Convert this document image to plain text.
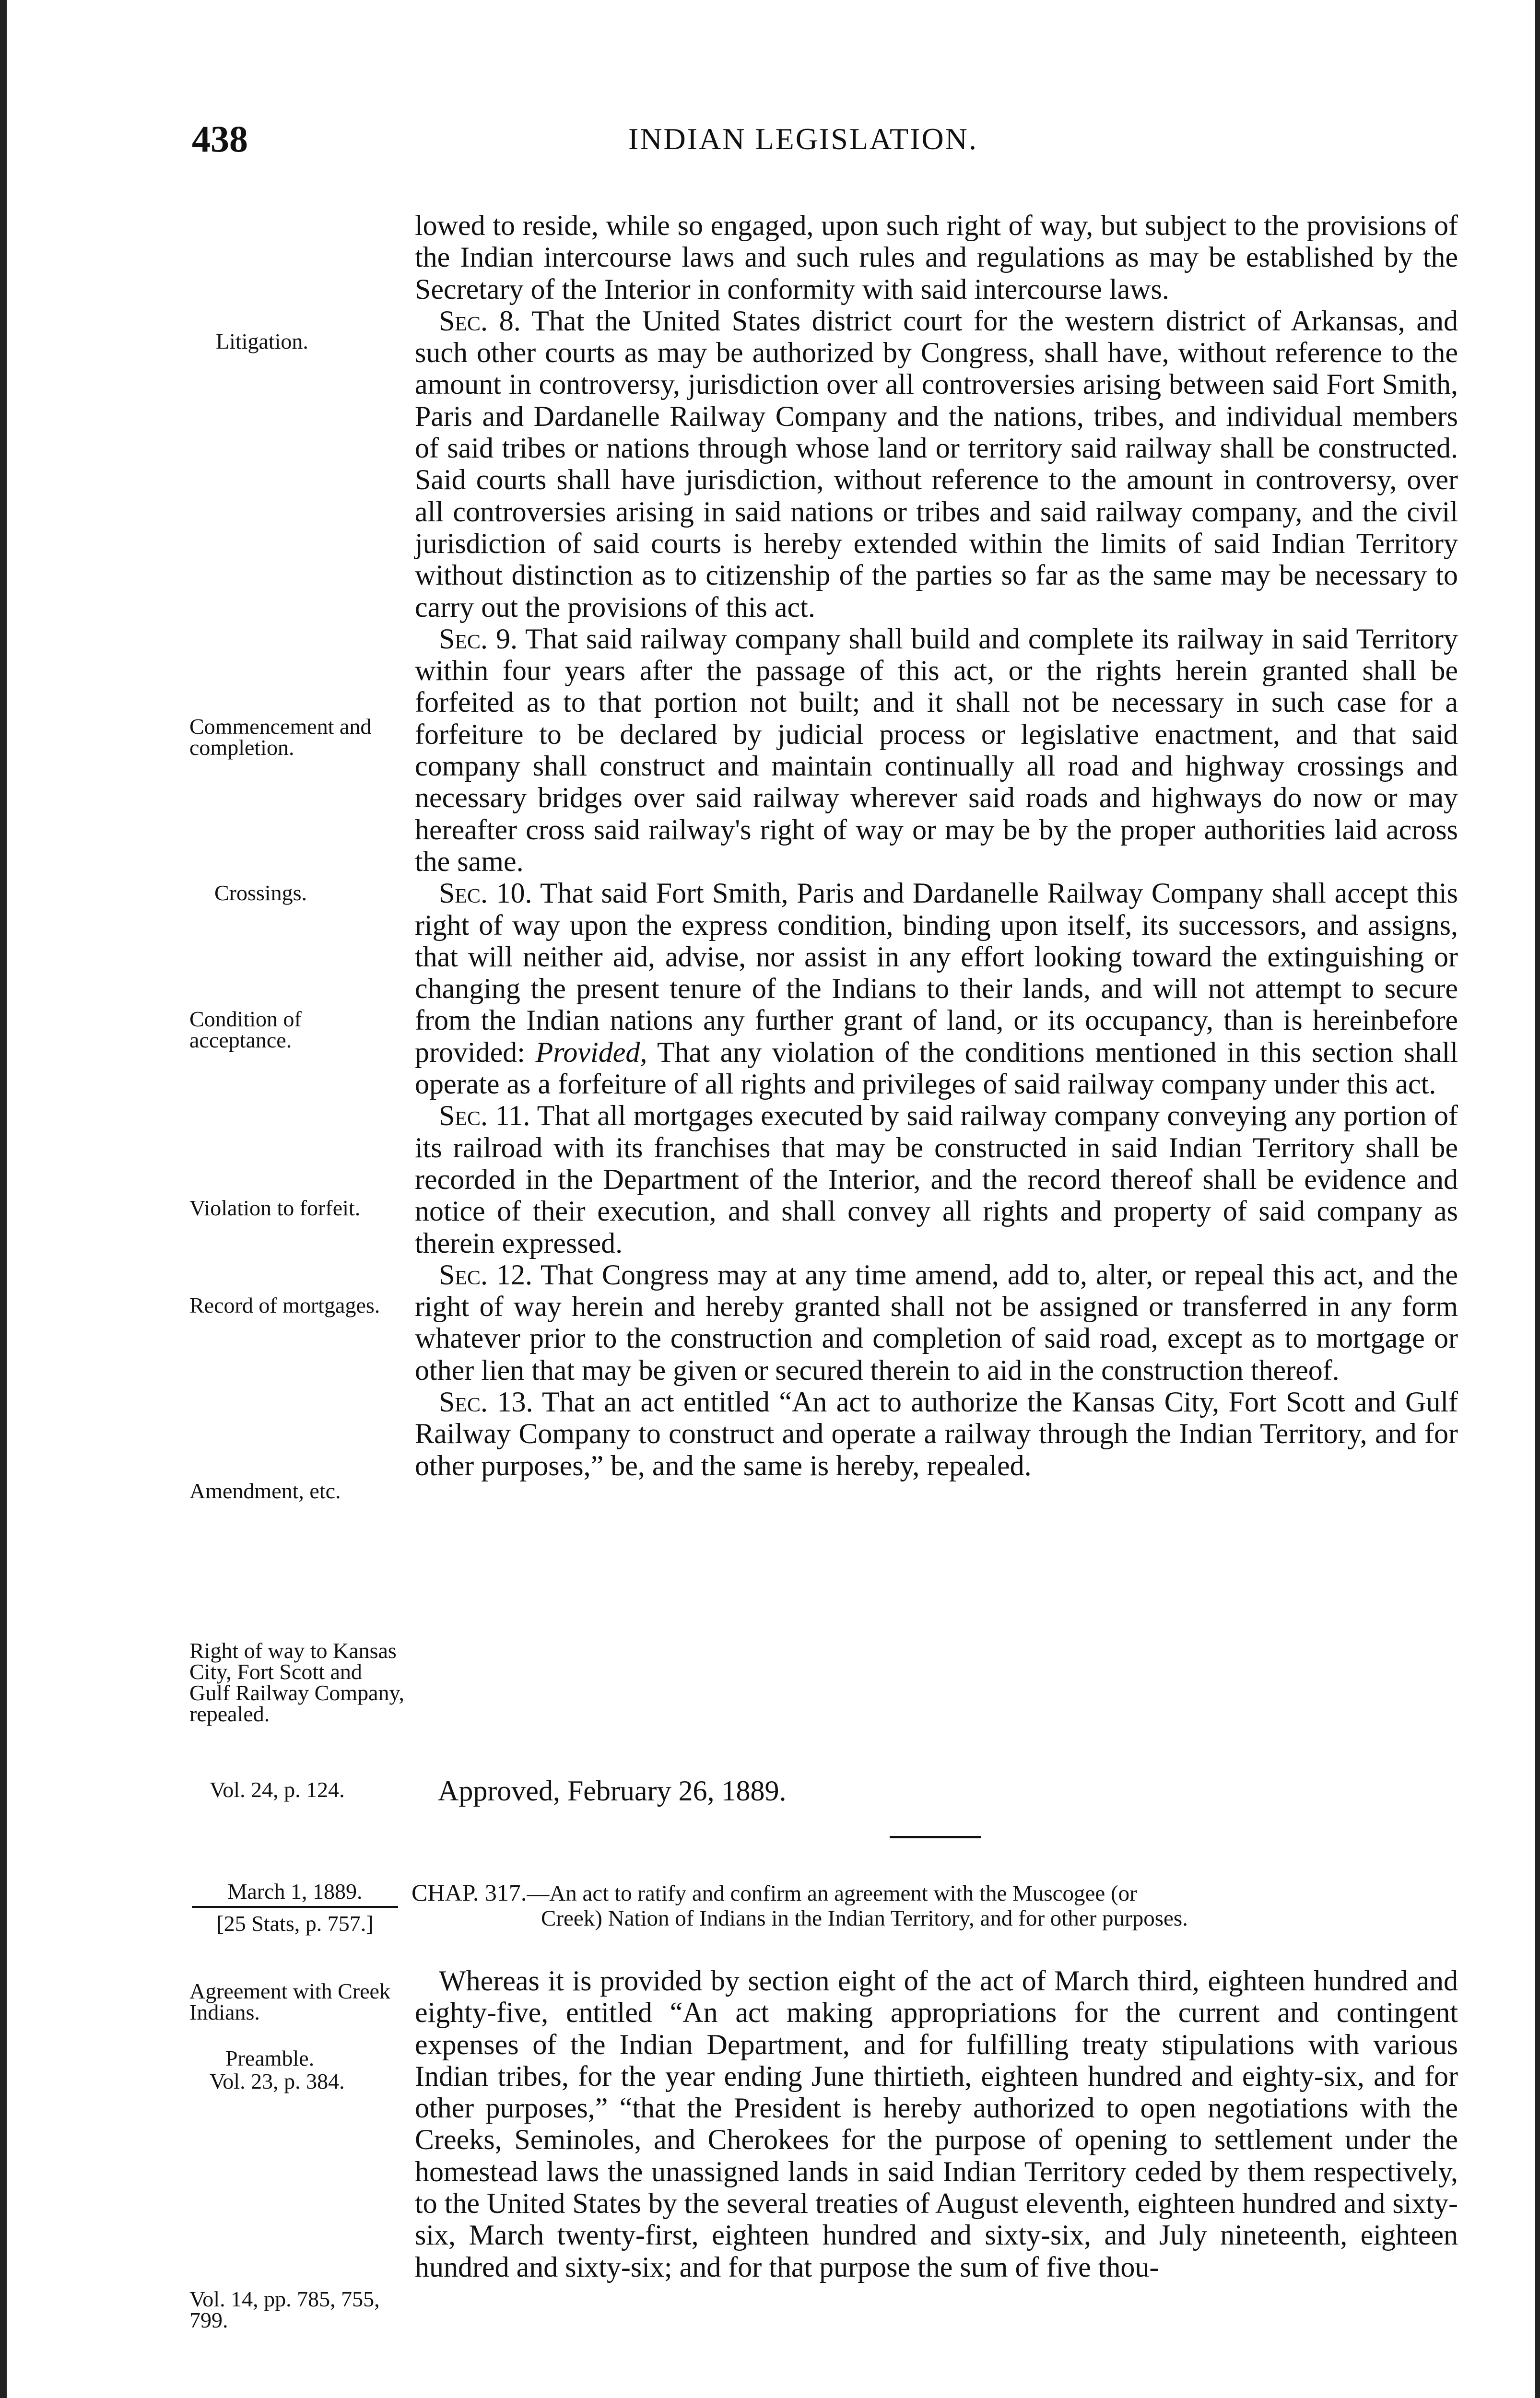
438	INDIAN LEGISLATION.

lowed to reside, while so engaged, upon such right of way, but subject to the provisions of the Indian intercourse laws and such rules and regulations as may be established by the Secretary of the Interior in conformity with said intercourse laws.

Sec. 8. That the United States district court for the western district of Arkansas, and such other courts as may be authorized by Congress, shall have, without reference to the amount in controversy, jurisdiction over all controversies arising between said Fort Smith, Paris and Dardanelle Railway Company and the nations, tribes, and individual members of said tribes or nations through whose land or territory said railway shall be constructed. Said courts shall have jurisdiction, without reference to the amount in controversy, over all controversies arising in said nations or tribes and said railway company, and the civil jurisdiction of said courts is hereby extended within the limits of said Indian Territory without distinction as to citizenship of the parties so far as the same may be necessary to carry out the provisions of this act.

Sec. 9. That said railway company shall build and complete its railway in said Territory within four years after the passage of this act, or the rights herein granted shall be forfeited as to that portion not built; and it shall not be necessary in such case for a forfeiture to be declared by judicial process or legislative enactment, and that said company shall construct and maintain continually all road and highway crossings and necessary bridges over said railway wherever said roads and highways do now or may hereafter cross said railway's right of way or may be by the proper authorities laid across the same.

Sec. 10. That said Fort Smith, Paris and Dardanelle Railway Company shall accept this right of way upon the express condition, binding upon itself, its successors, and assigns, that will neither aid, advise, nor assist in any effort looking toward the extinguishing or changing the present tenure of the Indians to their lands, and will not attempt to secure from the Indian nations any further grant of land, or its occupancy, than is hereinbefore provided: Provided, That any violation of the conditions mentioned in this section shall operate as a forfeiture of all rights and privileges of said railway company under this act.

Sec. 11. That all mortgages executed by said railway company conveying any portion of its railroad with its franchises that may be constructed in said Indian Territory shall be recorded in the Department of the Interior, and the record thereof shall be evidence and notice of their execution, and shall convey all rights and property of said company as therein expressed.

Sec. 12. That Congress may at any time amend, add to, alter, or repeal this act, and the right of way herein and hereby granted shall not be assigned or transferred in any form whatever prior to the construction and completion of said road, except as to mortgage or other lien that may be given or secured therein to aid in the construction thereof.

Sec. 13. That an act entitled “An act to authorize the Kansas City, Fort Scott and Gulf Railway Company to construct and operate a railway through the Indian Territory, and for other purposes,” be, and the same is hereby, repealed.

Approved, February 26, 1889.
Litigation.
Commencement and completion.
Crossings.
Condition of acceptance.
Violation to forfeit.
Record of mortgages.
Amendment, etc.
Right of way to Kansas City, Fort Scott and Gulf Railway Company, repealed.
Vol. 24, p. 124.
March 1, 1889.
[25 Stats, p. 757.]
CHAP. 317.—An act to ratify and confirm an agreement with the Muscogee (or
Creek) Nation of Indians in the Indian Territory, and for other purposes.
Agreement with Creek Indians.
Preamble.
Vol. 23, p. 384.
Vol. 14, pp. 785, 755, 799.

Whereas it is provided by section eight of the act of March third, eighteen hundred and eighty-five, entitled “An act making appropriations for the current and contingent expenses of the Indian Department, and for fulfilling treaty stipulations with various Indian tribes, for the year ending June thirtieth, eighteen hundred and eighty-six, and for other purposes,” “that the President is hereby authorized to open negotiations with the Creeks, Seminoles, and Cherokees for the purpose of opening to settlement under the homestead laws the unassigned lands in said Indian Territory ceded by them respectively, to the United States by the several treaties of August eleventh, eighteen hundred and sixty-six, March twenty-first, eighteen hundred and sixty-six, and July nineteenth, eighteen hundred and sixty-six; and for that purpose the sum of five thou-
